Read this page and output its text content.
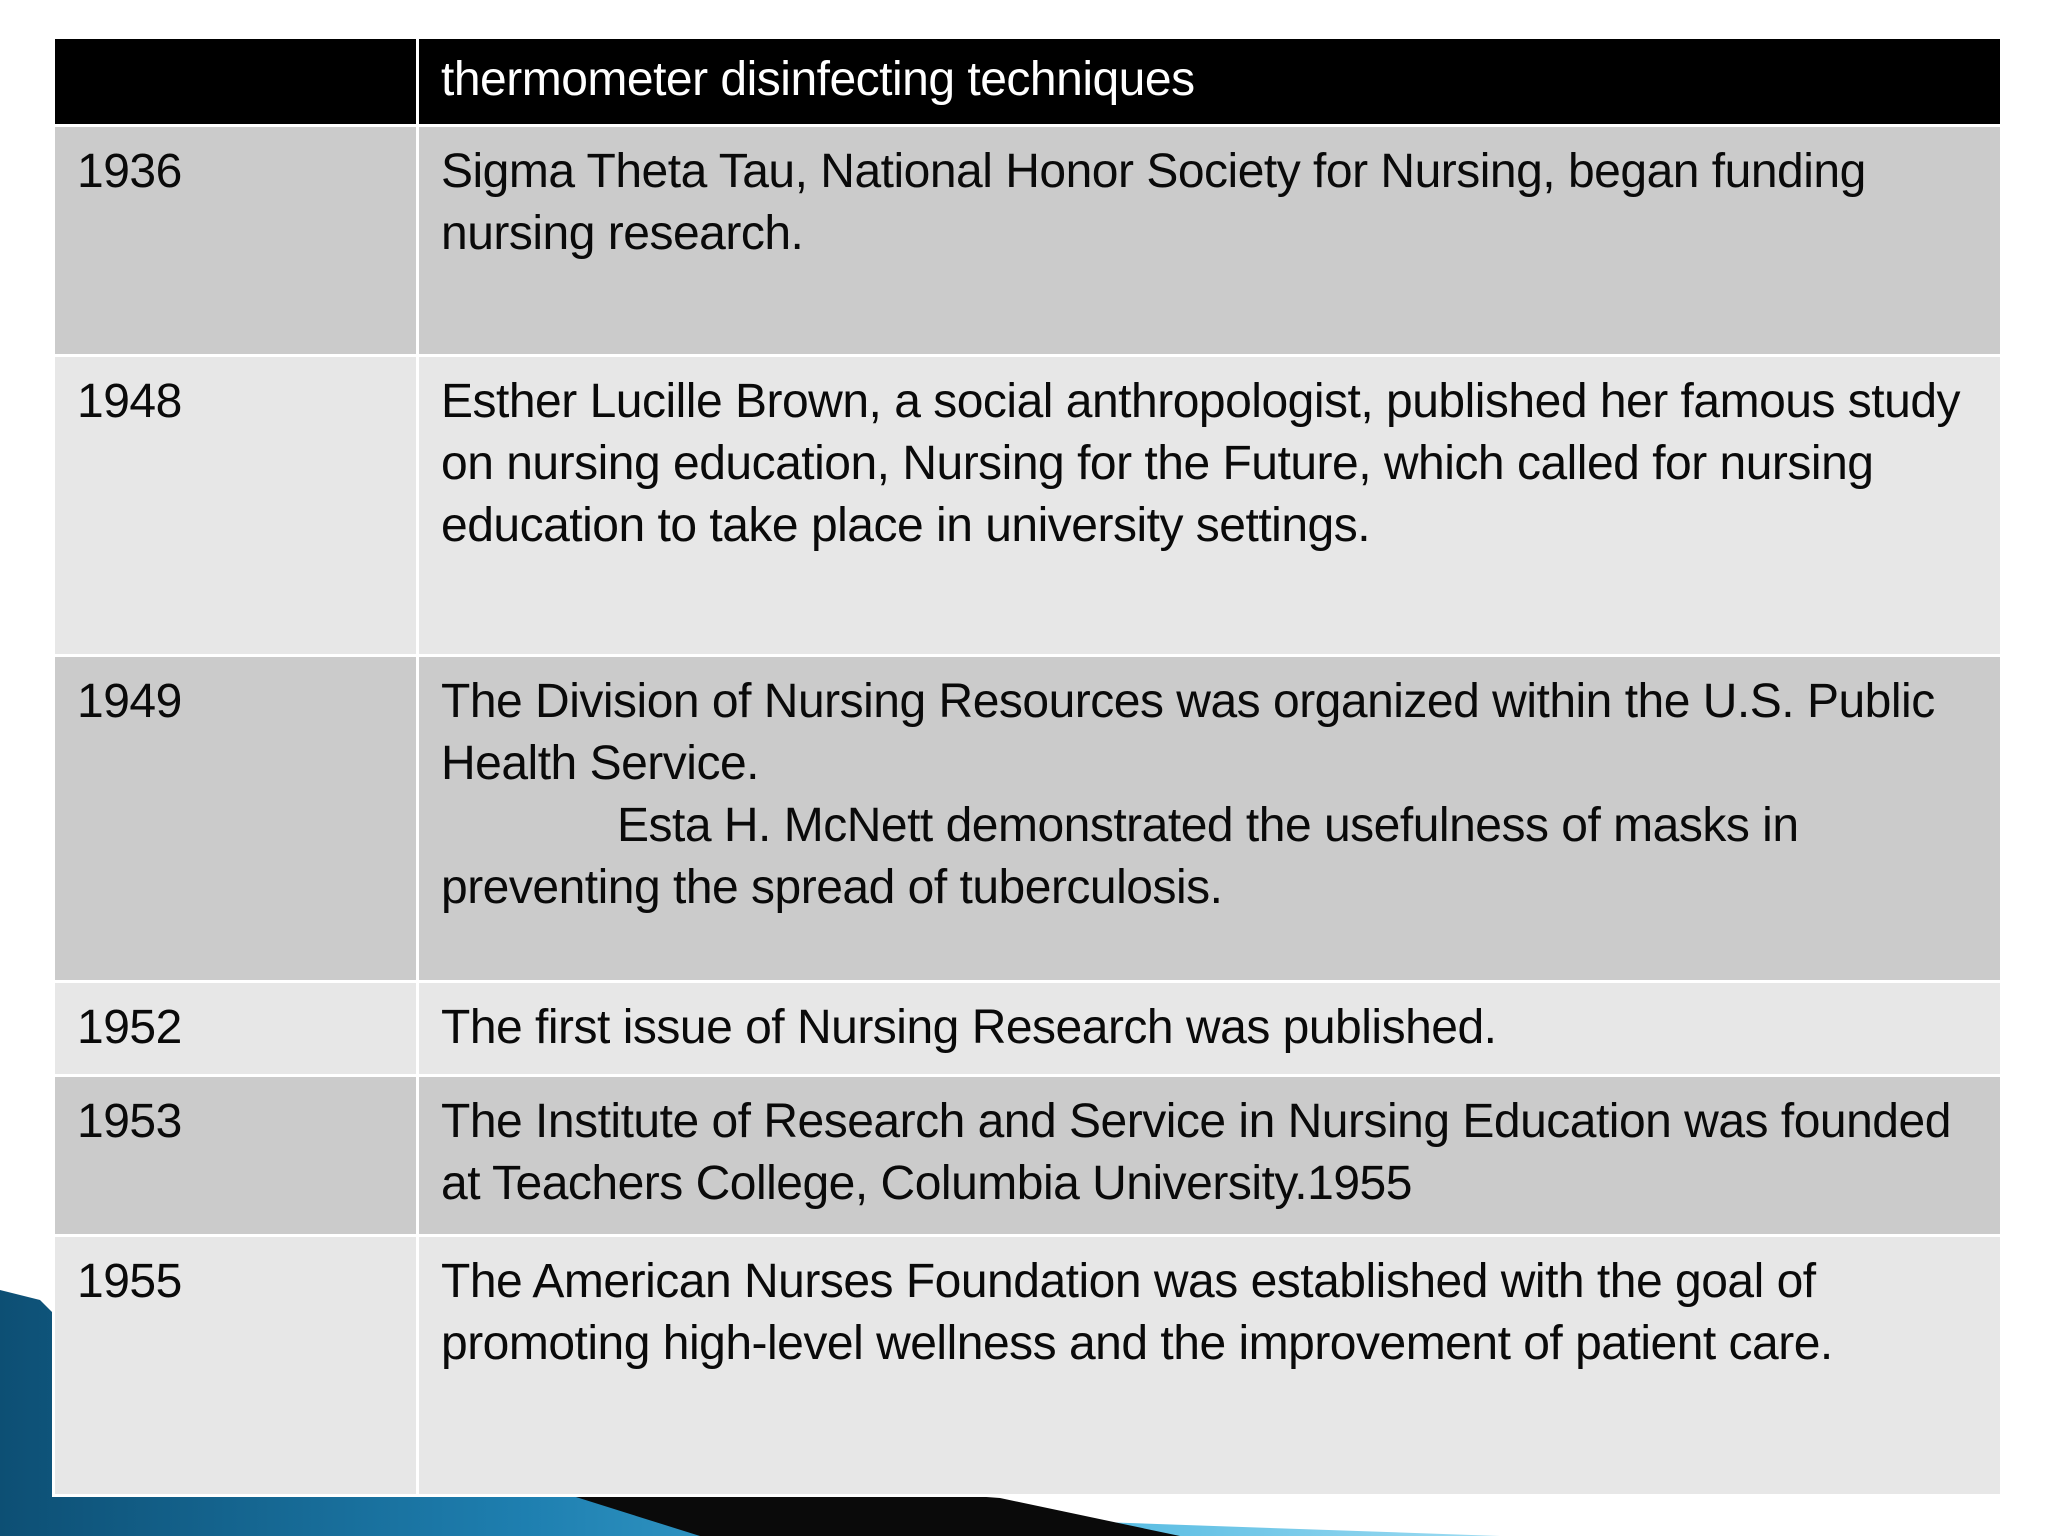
	thermometer disinfecting techniques
1936	Sigma Theta Tau, National Honor Society for Nursing, began funding nursing research.
1948	Esther Lucille Brown, a social anthropologist, published her famous study on nursing education, Nursing for the Future, which called for nursing education to take place in university settings.
1949	The Division of Nursing Resources was organized within the U.S. Public Health Service.
Esta H. McNett demonstrated the usefulness of masks in preventing the spread of tuberculosis.

1952	The first issue of Nursing Research was published.
1953	The Institute of Research and Service in Nursing Education was founded at Teachers College, Columbia University.1955
1955	The American Nurses Foundation was established with the goal of promoting high-level wellness and the improvement of patient care.
